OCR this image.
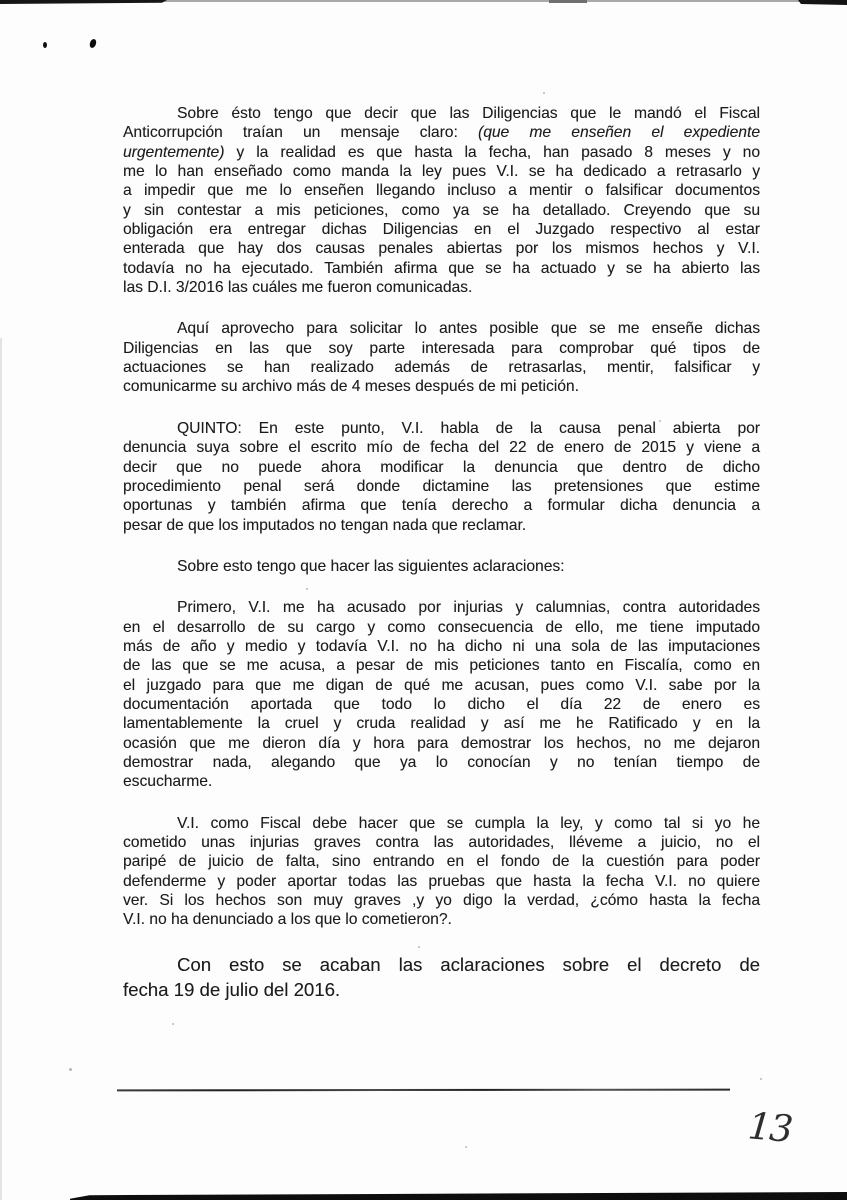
Sobre ésto tengo que decir que las Diligencias que le mandó el Fiscal
Anticorrupción traían un mensaje claro: (que me enseñen el expediente
urgentemente) y la realidad es que hasta la fecha, han pasado 8 meses y no
me lo han enseñado como manda la ley pues V.I. se ha dedicado a retrasarlo y
a impedir que me lo enseñen llegando incluso a mentir o falsificar documentos
y sin contestar a mis peticiones, como ya se ha detallado. Creyendo que su
obligación era entregar dichas Diligencias en el Juzgado respectivo al estar
enterada que hay dos causas penales abiertas por los mismos hechos y V.I.
todavía no ha ejecutado. También afirma que se ha actuado y se ha abierto las
las D.I. 3/2016 las cuáles me fueron comunicadas.
Aquí aprovecho para solicitar lo antes posible que se me enseñe dichas
Diligencias en las que soy parte interesada para comprobar qué tipos de
actuaciones se han realizado además de retrasarlas, mentir, falsificar y
comunicarme su archivo más de 4 meses después de mi petición.
QUINTO: En este punto, V.I. habla de la causa penal abierta por
denuncia suya sobre el escrito mío de fecha del 22 de enero de 2015 y viene a
decir que no puede ahora modificar la denuncia que dentro de dicho
procedimiento penal será donde dictamine las pretensiones que estime
oportunas y también afirma que tenía derecho a formular dicha denuncia a
pesar de que los imputados no tengan nada que reclamar.
Sobre esto tengo que hacer las siguientes aclaraciones:
Primero, V.I. me ha acusado por injurias y calumnias, contra autoridades
en el desarrollo de su cargo y como consecuencia de ello, me tiene imputado
más de año y medio y todavía V.I. no ha dicho ni una sola de las imputaciones
de las que se me acusa, a pesar de mis peticiones tanto en Fiscalía, como en
el juzgado para que me digan de qué me acusan, pues como V.I. sabe por la
documentación aportada que todo lo dicho el día 22 de enero es
lamentablemente la cruel y cruda realidad y así me he Ratificado y en la
ocasión que me dieron día y hora para demostrar los hechos, no me dejaron
demostrar nada, alegando que ya lo conocían y no tenían tiempo de
escucharme.
V.I. como Fiscal debe hacer que se cumpla la ley, y como tal si yo he
cometido unas injurias graves contra las autoridades, lléveme a juicio, no el
paripé de juicio de falta, sino entrando en el fondo de la cuestión para poder
defenderme y poder aportar todas las pruebas que hasta la fecha V.I. no quiere
ver. Si los hechos son muy graves ,y yo digo la verdad, ¿cómo hasta la fecha
V.I. no ha denunciado a los que lo cometieron?.
Con esto se acaban las aclaraciones sobre el decreto de
fecha 19 de julio del 2016.
13
